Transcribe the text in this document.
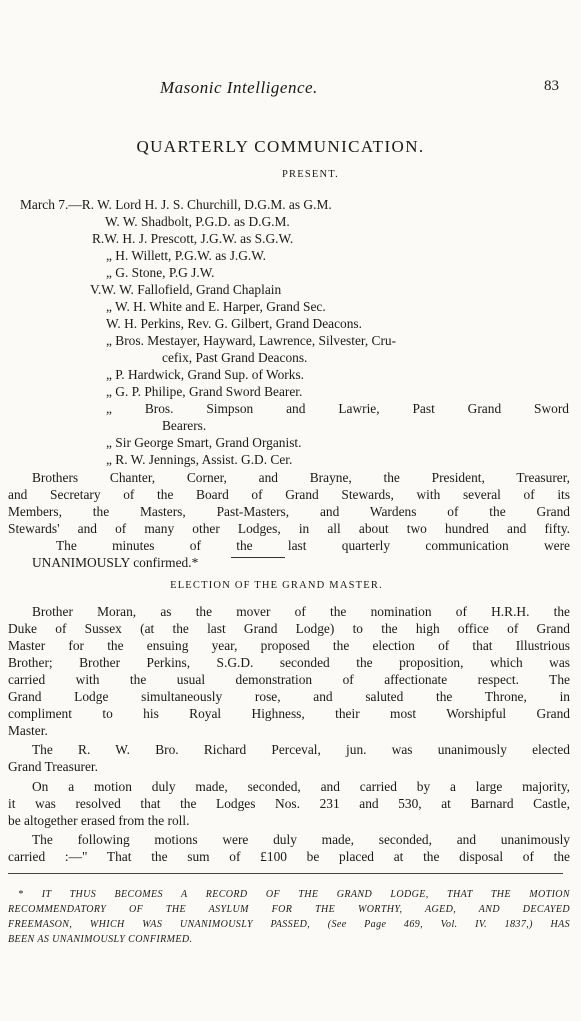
Masonic Intelligence.	83
QUARTERLY COMMUNICATION.
PRESENT.
March 7.—R. W. Lord H. J. S. Churchill, D.G.M. as G.M.
W. W. Shadbolt, P.G.D. as D.G.M.
R.W. H. J. Prescott, J.G.W. as S.G.W.
„ H. Willett, P.G.W. as J.G.W.
„ G. Stone, P.G J.W.
V.W. W. Fallofield, Grand Chaplain
„ W. H. White and E. Harper, Grand Sec.
W. H. Perkins, Rev. G. Gilbert, Grand Deacons.
„ Bros. Mestayer, Hayward, Lawrence, Silvester, Cru-
cefix, Past Grand Deacons.
„ P. Hardwick, Grand Sup. of Works.
„ G. P. Philipe, Grand Sword Bearer.
„ Bros. Simpson and Lawrie, Past Grand Sword
Bearers.
„ Sir George Smart, Grand Organist.
„ R. W. Jennings, Assist. G.D. Cer.
Brothers Chanter, Corner, and Brayne, the President, Treasurer,
and Secretary of the Board of Grand Stewards, with several of its
Members, the Masters, Past-Masters, and Wardens of the Grand
Stewards' and of many other Lodges, in all about two hundred and fifty.
The minutes of the last quarterly communication were
UNANIMOUSLY confirmed.*
ELECTION OF THE GRAND MASTER.
Brother Moran, as the mover of the nomination of H.R.H. the
Duke of Sussex (at the last Grand Lodge) to the high office of Grand
Master for the ensuing year, proposed the election of that Illustrious
Brother; Brother Perkins, S.G.D. seconded the proposition, which was
carried with the usual demonstration of affectionate respect. The
Grand Lodge simultaneously rose, and saluted the Throne, in
compliment to his Royal Highness, their most Worshipful Grand
Master.
The R. W. Bro. Richard Perceval, jun. was unanimously elected
Grand Treasurer.
On a motion duly made, seconded, and carried by a large majority,
it was resolved that the Lodges Nos. 231 and 530, at Barnard Castle,
be altogether erased from the roll.
The following motions were duly made, seconded, and unanimously
carried :—" That the sum of £100 be placed at the disposal of the
* IT THUS BECOMES A RECORD OF THE GRAND LODGE, THAT THE MOTION
RECOMMENDATORY OF THE ASYLUM FOR THE WORTHY, AGED, AND DECAYED
FREEMASON, WHICH WAS UNANIMOUSLY PASSED, (See Page 469, Vol. IV. 1837,) HAS
BEEN AS UNANIMOUSLY CONFIRMED.
